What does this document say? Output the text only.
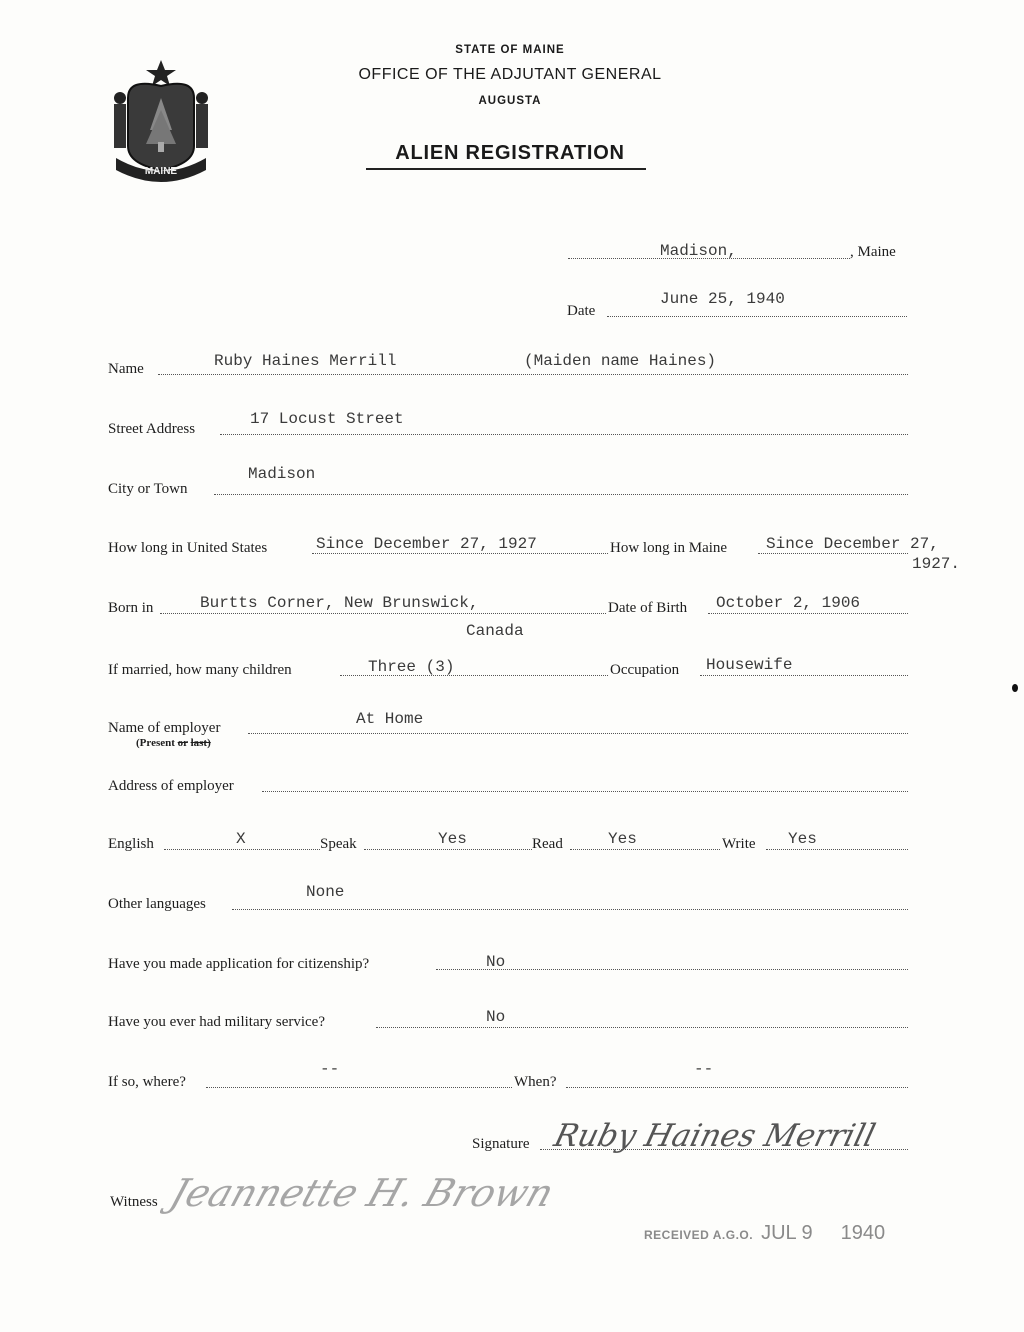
MAINE
STATE OF MAINE
OFFICE OF THE ADJUTANT GENERAL
AUGUSTA
ALIEN REGISTRATION
Madison,	, Maine
Date
June 25, 1940
Name	Ruby Haines Merrill	(Maiden name Haines)
Street Address
17 Locust Street
City or Town
Madison
How long in United States	Since December 27, 1927	How long in Maine Since December 27,
1927.
Born in	Burtts Corner, New Brunswick,
Canada
Date of Birth October 2, 1906
If married, how many children	Three (3)	Occupation Housewife
Name of employer	At Home
(Present or last)
Address of employer
English	X	Speak	Yes	Read	Yes	Write Yes
Other languages
None
Have you made application for citizenship?	No
Have you ever had military service?	No
If so, where?
--
When?
--
Signature Ruby Haines Merrill
Witness Jeannette H. Brown
RECEIVED A.G.O. JUL 9 1940
